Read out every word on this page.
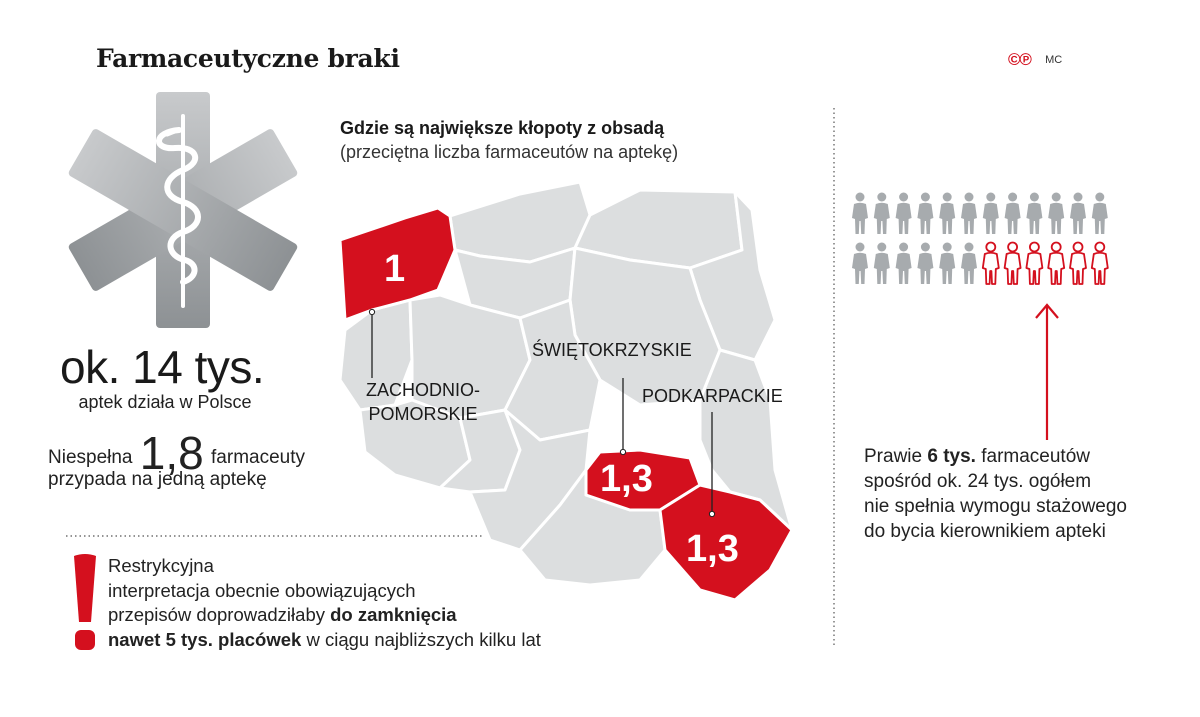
Farmaceutyczne braki	©℗ MC
ok. 14 tys.
aptek działa w Polsce
Niespełna 1,8 farmaceuty
przypada na jedną aptekę
Restrykcyjna
interpretacja obecnie obowiązujących
przepisów doprowadziłaby do zamknięcia
nawet 5 tys. placówek w ciągu najbliższych kilku lat
Gdzie są największe kłopoty z obsadą
(przeciętna liczba farmaceutów na aptekę)
1
1,3
1,3
ZACHODNIO-
POMORSKIE
ŚWIĘTOKRZYSKIE
PODKARPACKIE
Prawie 6 tys. farmaceutów
spośród ok. 24 tys. ogółem
nie spełnia wymogu stażowego
do bycia kierownikiem apteki
